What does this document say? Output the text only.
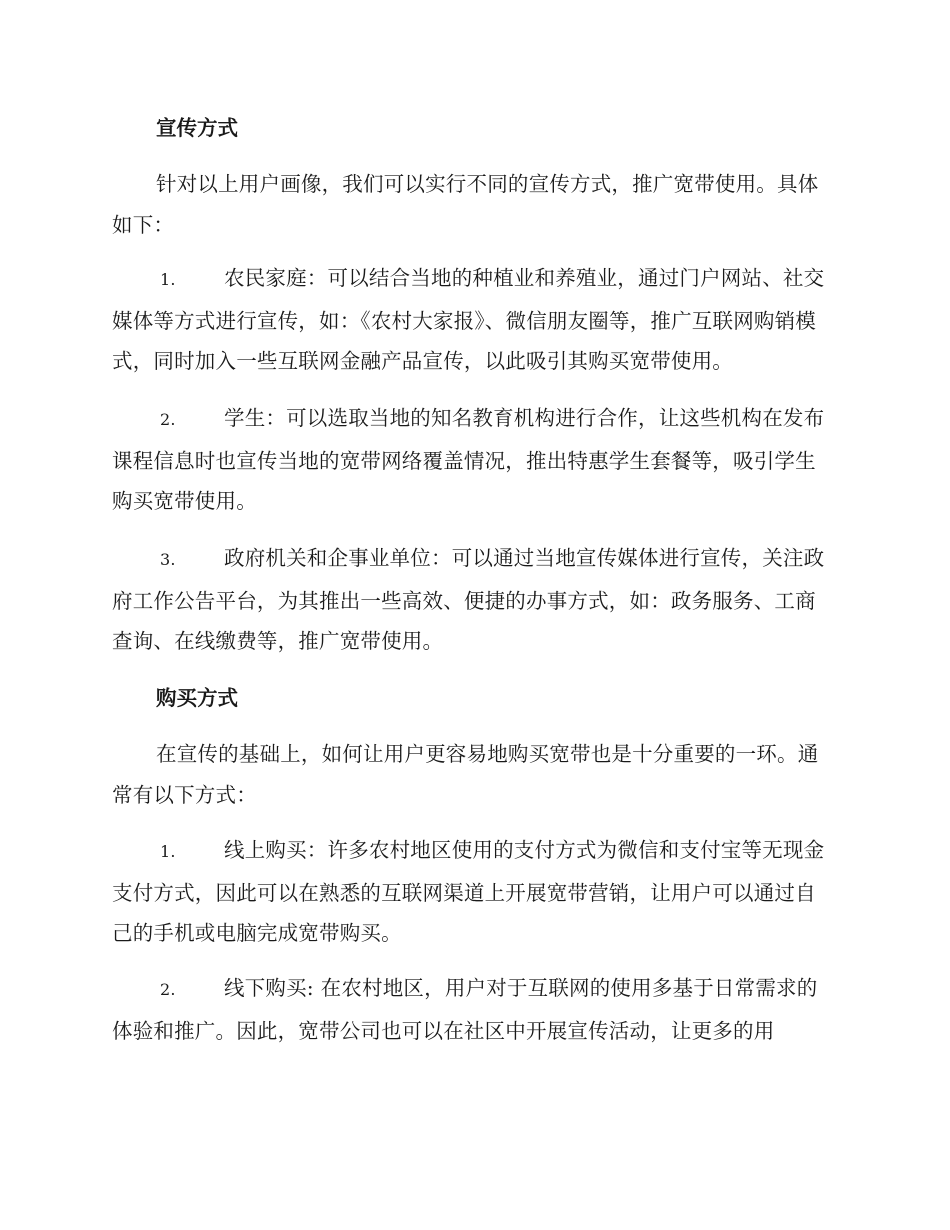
宣传方式

针对以上用户画像，我们可以实行不同的宣传方式，推广宽带使用。具体如下：

1. 农民家庭：可以结合当地的种植业和养殖业，通过门户网站、社交媒体等方式进行宣传，如：《农村大家报》、微信朋友圈等，推广互联网购销模式，同时加入一些互联网金融产品宣传，以此吸引其购买宽带使用。

2. 学生：可以选取当地的知名教育机构进行合作，让这些机构在发布课程信息时也宣传当地的宽带网络覆盖情况，推出特惠学生套餐等，吸引学生购买宽带使用。

3. 政府机关和企事业单位：可以通过当地宣传媒体进行宣传，关注政府工作公告平台，为其推出一些高效、便捷的办事方式，如：政务服务、工商查询、在线缴费等，推广宽带使用。

购买方式

在宣传的基础上，如何让用户更容易地购买宽带也是十分重要的一环。通常有以下方式：

1. 线上购买：许多农村地区使用的支付方式为微信和支付宝等无现金支付方式，因此可以在熟悉的互联网渠道上开展宽带营销，让用户可以通过自己的手机或电脑完成宽带购买。

2. 线下购买: 在农村地区，用户对于互联网的使用多基于日常需求的体验和推广。因此，宽带公司也可以在社区中开展宣传活动，让更多的用
